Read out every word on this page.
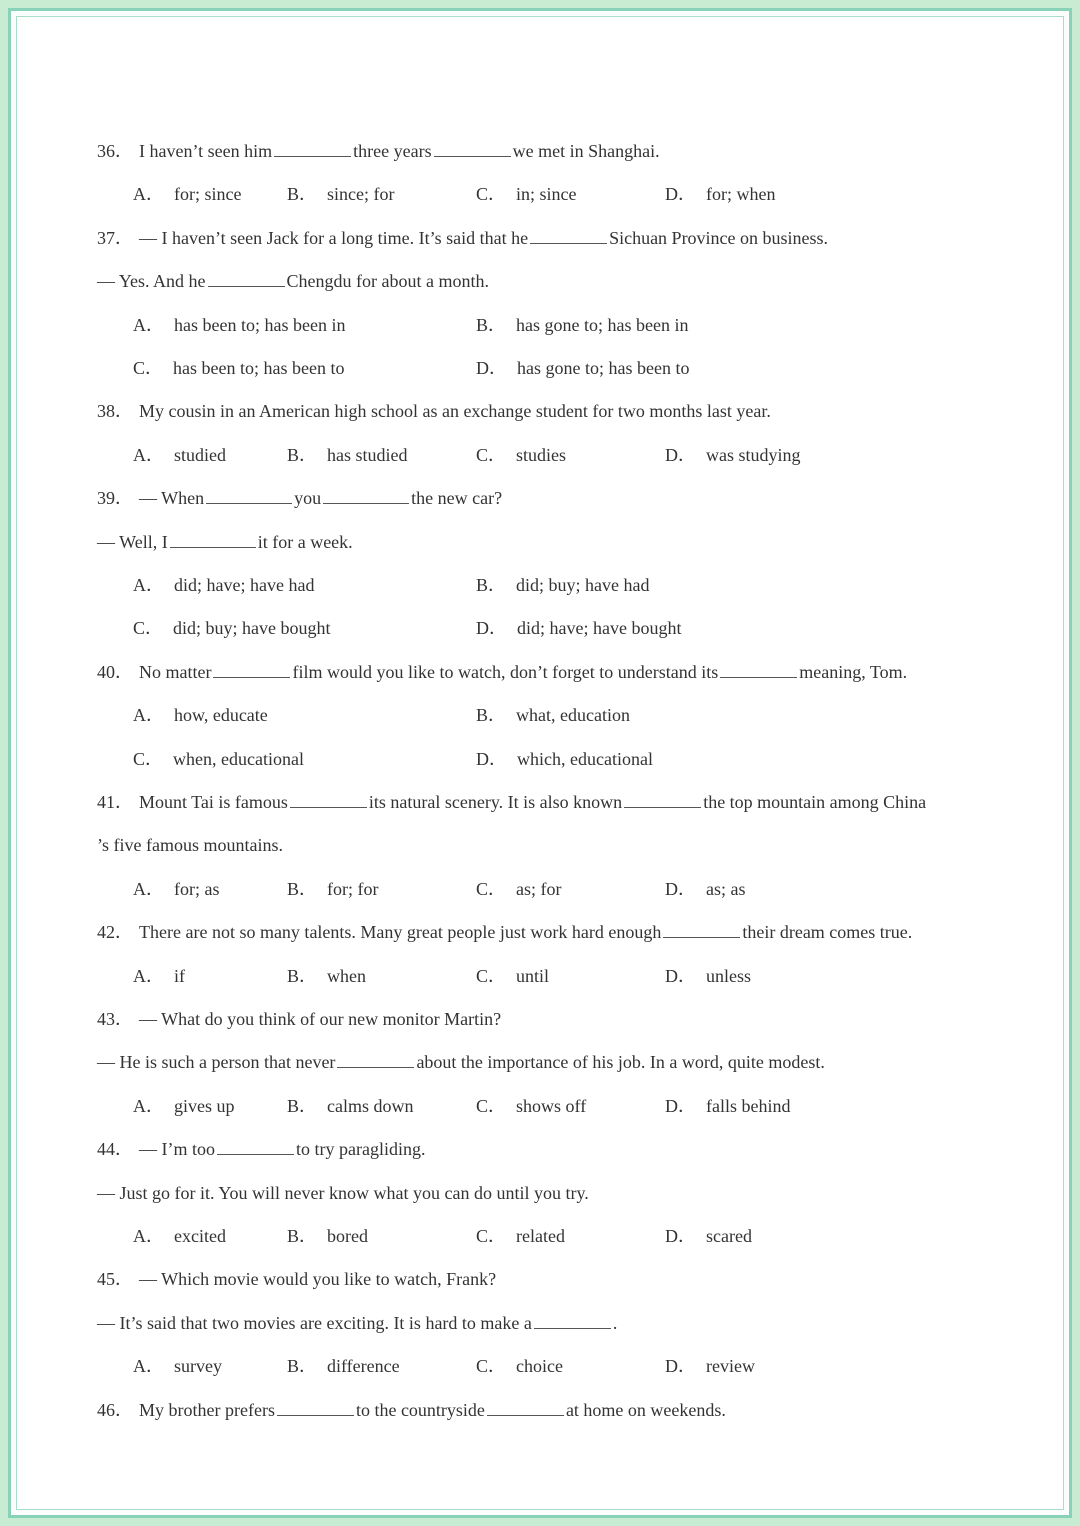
36． I haven’t seen him	three years	we met in Shanghai.
A． for; since	B． since; for	C． in; since	D． for; when
37． — I haven’t seen Jack for a long time. It’s said that he	Sichuan Province on business.
— Yes. And he	Chengdu for about a month.
A． has been to; has been in	B． has gone to; has been in
C． has been to; has been to	D． has gone to; has been to
38． My cousin in an American high school as an exchange student for two months last year.
A． studied	B． has studied	C． studies	D． was studying
39． — When	you	the new car?
— Well, I	it for a week.
A． did; have; have had	B． did; buy; have had
C． did; buy; have bought	D． did; have; have bought
40． No matter	film would you like to watch, don’t forget to understand its	meaning, Tom.
A． how, educate	B． what, education
C． when, educational	D． which, educational
41． Mount Tai is famous	its natural scenery. It is also known	the top mountain among China
’s five famous mountains.
A． for; as	B． for; for	C． as; for	D． as; as
42． There are not so many talents. Many great people just work hard enough	their dream comes true.
A． if	B． when	C． until	D． unless
43． — What do you think of our new monitor Martin?
— He is such a person that never	about the importance of his job. In a word, quite modest.
A． gives up	B． calms down	C． shows off	D． falls behind
44． — I’m too	to try paragliding.
— Just go for it. You will never know what you can do until you try.
A． excited	B． bored	C． related	D． scared
45． — Which movie would you like to watch, Frank?
— It’s said that two movies are exciting. It is hard to make a	.
A． survey	B． difference	C． choice	D． review
46． My brother prefers	to the countryside	at home on weekends.
